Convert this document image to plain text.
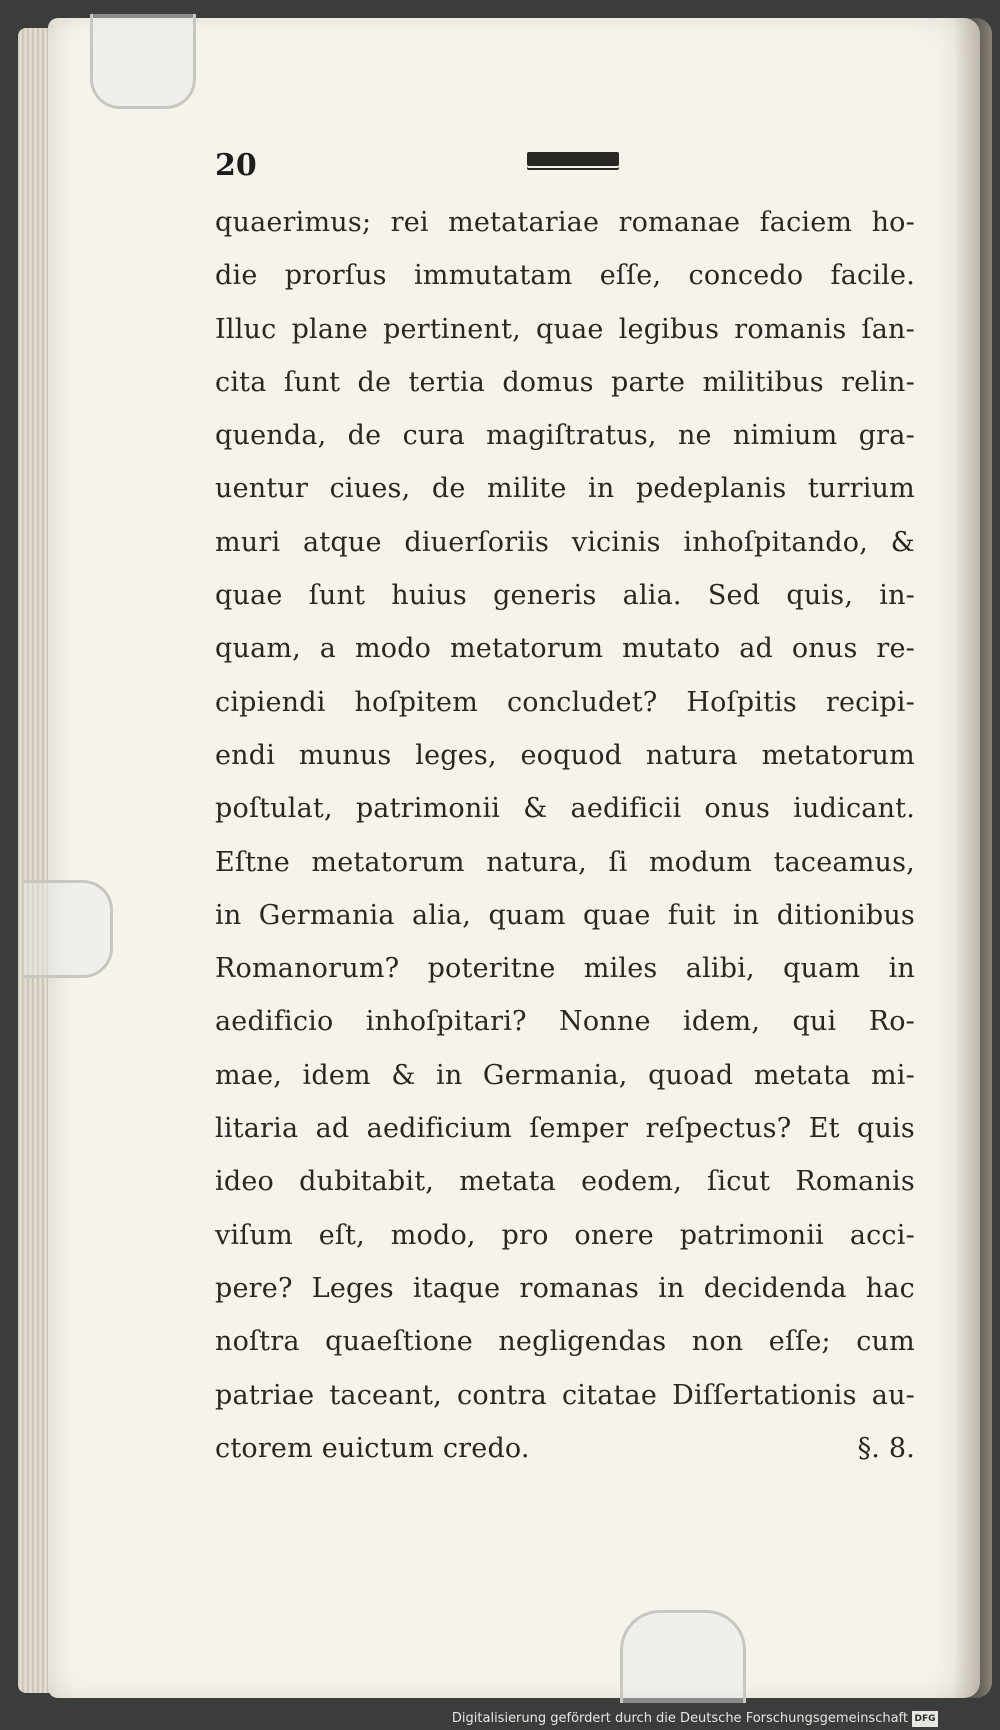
20
quaerimus; rei metatariae romanae faciem ho-
die prorſus immutatam eſſe, concedo facile.
Illuc plane pertinent, quae legibus romanis ſan-
cita ſunt de tertia domus parte militibus relin-
quenda, de cura magiſtratus, ne nimium gra-
uentur ciues, de milite in pedeplanis turrium
muri atque diuerſoriis vicinis inhoſpitando, &
quae ſunt huius generis alia. Sed quis, in-
quam, a modo metatorum mutato ad onus re-
cipiendi hoſpitem concludet? Hoſpitis recipi-
endi munus leges, eoquod natura metatorum
poſtulat, patrimonii & aedificii onus iudicant.
Eſtne metatorum natura, ſi modum taceamus,
in Germania alia, quam quae fuit in ditionibus
Romanorum? poteritne miles alibi, quam in
aedificio inhoſpitari? Nonne idem, qui Ro-
mae, idem & in Germania, quoad metata mi-
litaria ad aedificium ſemper reſpectus? Et quis
ideo dubitabit, metata eodem, ſicut Romanis
viſum eſt, modo, pro onere patrimonii acci-
pere? Leges itaque romanas in decidenda hac
noſtra quaeſtione negligendas non eſſe; cum
patriae taceant, contra citatae Diſſertationis au-
ctorem euictum credo.	§. 8.
Digitalisierung gefördert durch die Deutsche Forschungsgemeinschaft DFG
